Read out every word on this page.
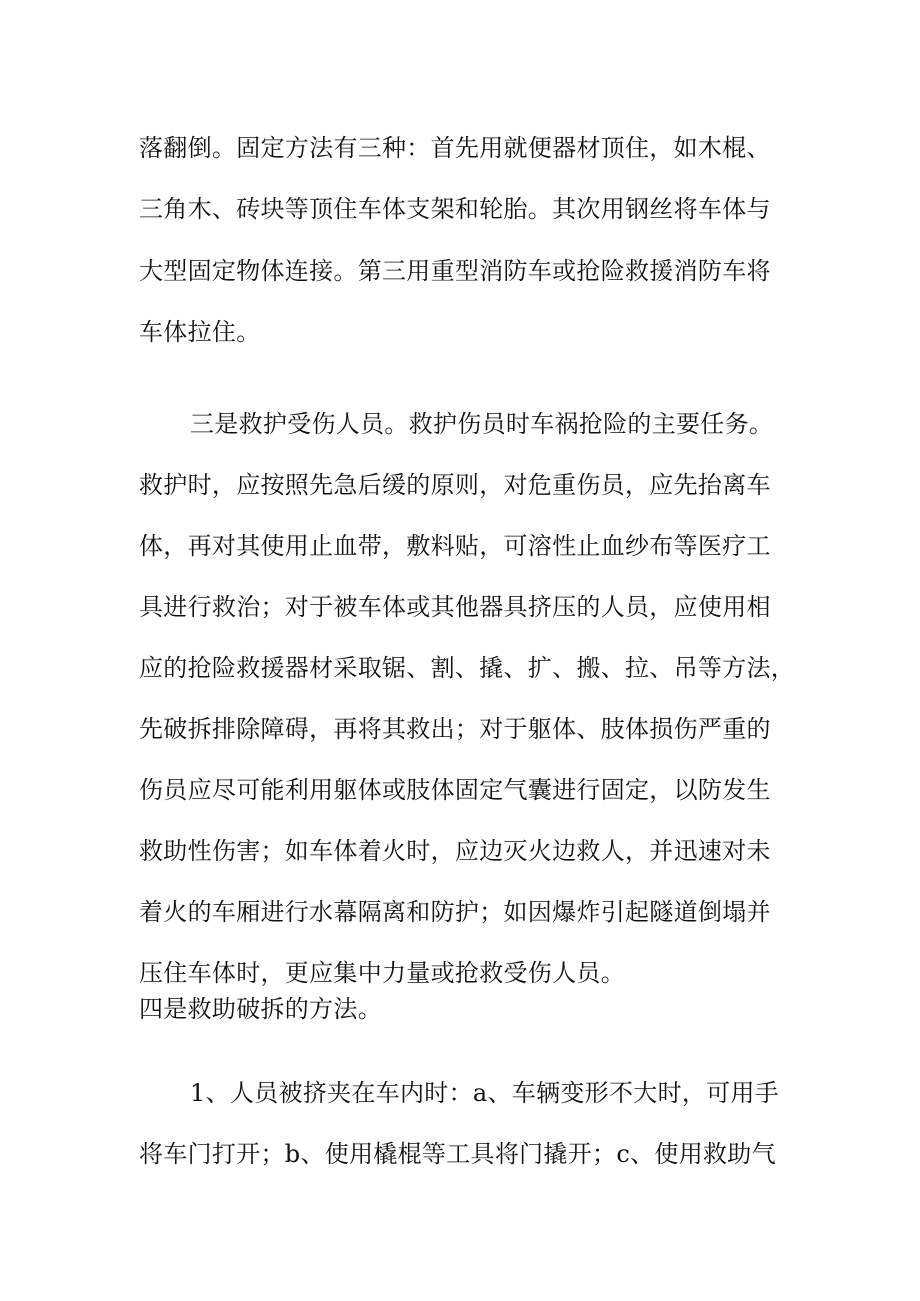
落翻倒。固定方法有三种：首先用就便器材顶住，如木棍、
三角木、砖块等顶住车体支架和轮胎。其次用钢丝将车体与
大型固定物体连接。第三用重型消防车或抢险救援消防车将
车体拉住。
三是救护受伤人员。救护伤员时车祸抢险的主要任务。
救护时，应按照先急后缓的原则，对危重伤员，应先抬离车
体，再对其使用止血带，敷料贴，可溶性止血纱布等医疗工
具进行救治；对于被车体或其他器具挤压的人员，应使用相
应的抢险救援器材采取锯、割、撬、扩、搬、拉、吊等方法，
先破拆排除障碍，再将其救出；对于躯体、肢体损伤严重的
伤员应尽可能利用躯体或肢体固定气囊进行固定，以防发生
救助性伤害；如车体着火时，应边灭火边救人，并迅速对未
着火的车厢进行水幕隔离和防护；如因爆炸引起隧道倒塌并
压住车体时，更应集中力量或抢救受伤人员。
四是救助破拆的方法。
1、人员被挤夹在车内时：a、车辆变形不大时，可用手
将车门打开；b、使用橇棍等工具将门撬开；c、使用救助气
